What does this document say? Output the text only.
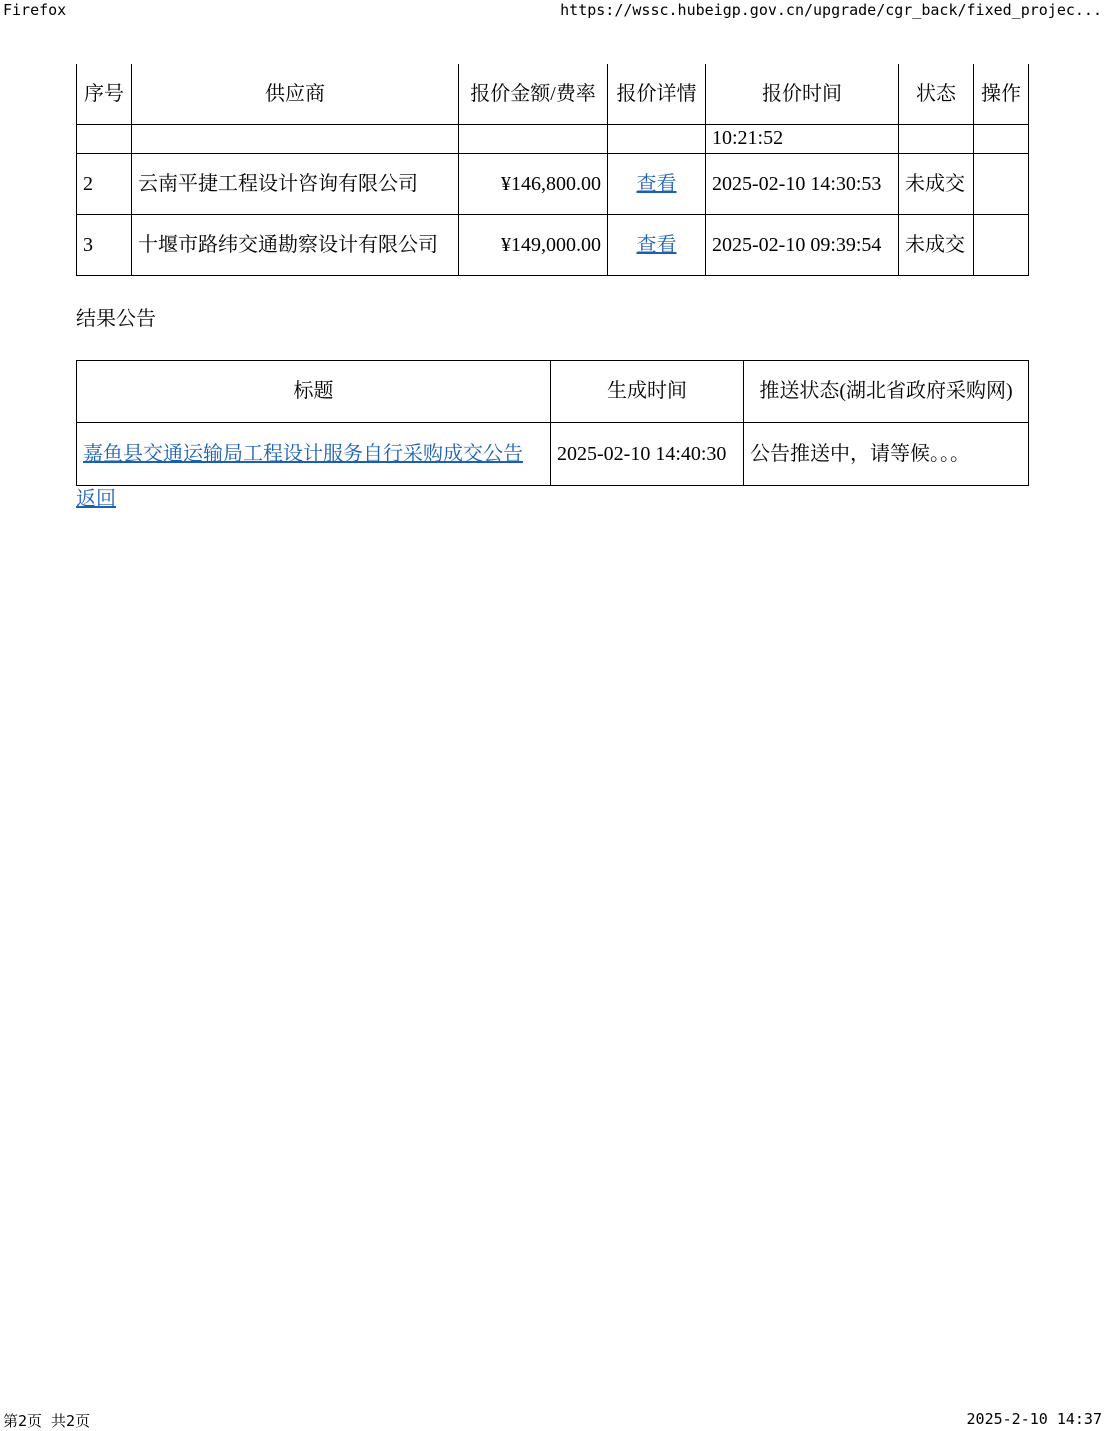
Firefox	https://wssc.hubeigp.gov.cn/upgrade/cgr_back/fixed_projec...
序号	供应商	报价金额/费率	报价详情	报价时间	状态	操作
				10:21:52		
2	云南平捷工程设计咨询有限公司	¥146,800.00	查看	2025-02-10 14:30:53	未成交	
3	十堰市路纬交通勘察设计有限公司	¥149,000.00	查看	2025-02-10 09:39:54	未成交	
结果公告
标题	生成时间	推送状态(湖北省政府采购网)
嘉鱼县交通运输局工程设计服务自行采购成交公告	2025-02-10 14:40:30	公告推送中，请等候。。。
返回
第2页 共2页	2025-2-10 14:37
